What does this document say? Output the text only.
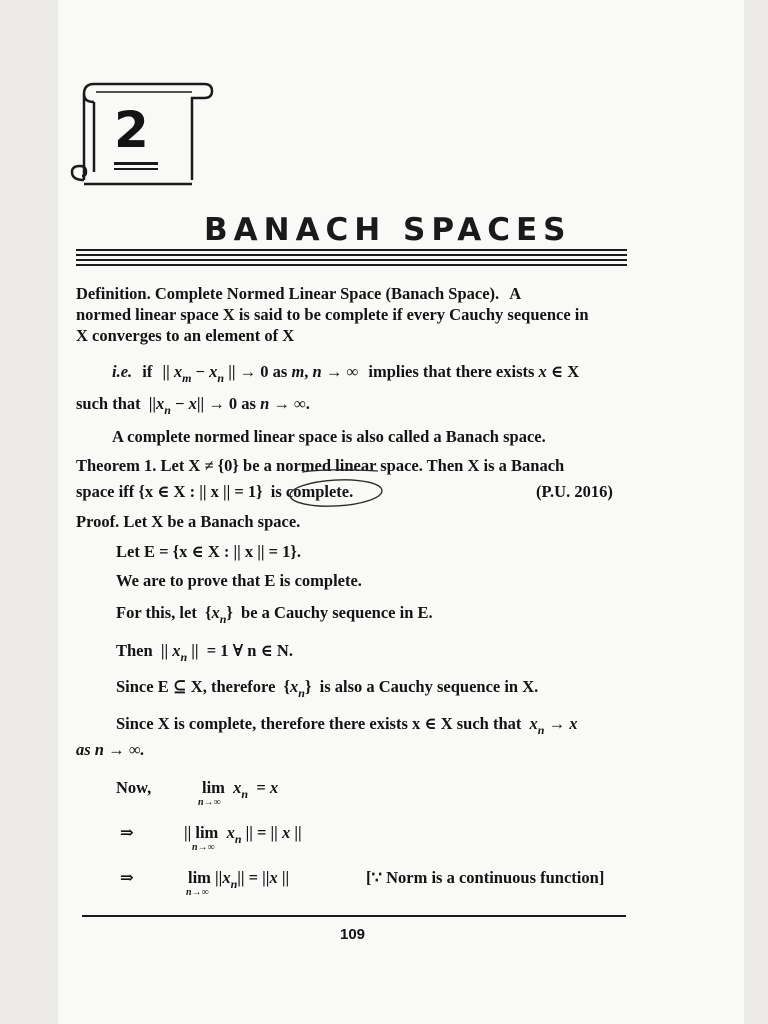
2
BANACH SPACES
Definition. Complete Normed Linear Space (Banach Space). A
normed linear space X is said to be complete if every Cauchy sequence in
X converges to an element of X
i.e. if || $x_m - x_n$ || → 0 as m, n → ∞ implies that there exists x ∈ X
such that $||x_n - x|| \to 0$ as n → ∞.
A complete normed linear space is also called a Banach space.
Theorem 1. Let X ≠ {0} be a normed linear space. Then X is a Banach
space iff {x ∈ X : || x || = 1} is complete.	(P.U. 2016)
Proof. Let X be a Banach space.
Let E = {x ∈ X : || x || = 1}.
We are to prove that E is complete.
For this, let $\{x_n\}$ be a Cauchy sequence in E.
Then || $x_n$ || = 1 ∀ n ∈ N.
Since E ⊆ X, therefore $\{x_n\}$ is also a Cauchy sequence in X.
Since X is complete, therefore there exists x ∈ X such that $x_n \to x$
as n → ∞.
Now,	$\lim x_n = x$
n→∞
⇒	|| $\lim x_n$ || = || x ||
n→∞
⇒	$\lim ||x_n|| = ||x$ ||
n→∞
[∵ Norm is a continuous function]
109
